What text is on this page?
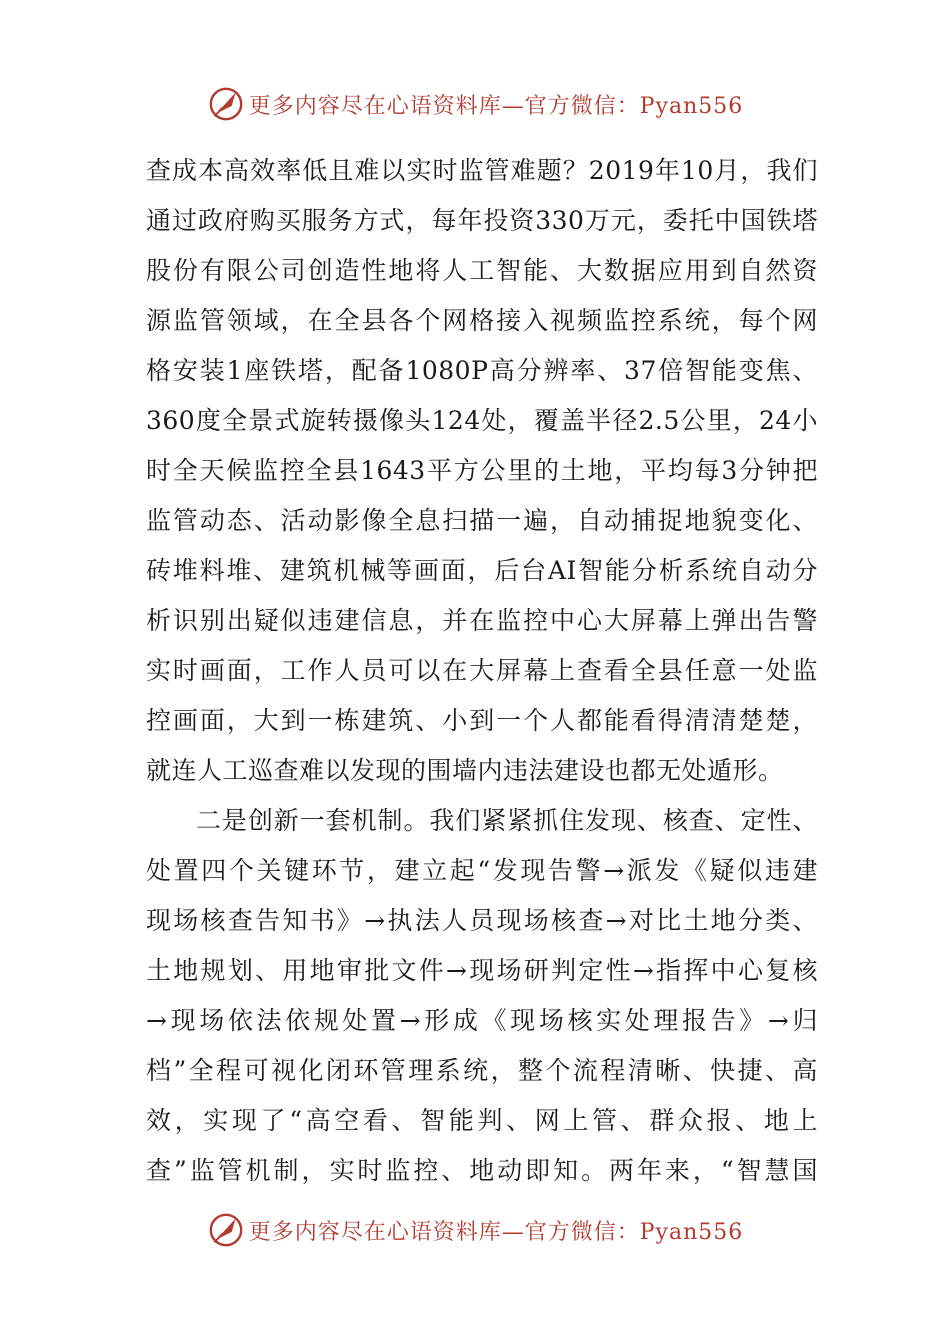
更多内容尽在心语资料库—官方微信：Pyan556
查成本高效率低且难以实时监管难题？2019年10月，我们
通过政府购买服务方式，每年投资330万元，委托中国铁塔
股份有限公司创造性地将人工智能、大数据应用到自然资
源监管领域，在全县各个网格接入视频监控系统，每个网
格安装1座铁塔，配备1080P高分辨率、37倍智能变焦、
360度全景式旋转摄像头124处，覆盖半径2.5公里，24小
时全天候监控全县1643平方公里的土地，平均每3分钟把
监管动态、活动影像全息扫描一遍，自动捕捉地貌变化、
砖堆料堆、建筑机械等画面，后台AI智能分析系统自动分
析识别出疑似违建信息，并在监控中心大屏幕上弹出告警
实时画面，工作人员可以在大屏幕上查看全县任意一处监
控画面，大到一栋建筑、小到一个人都能看得清清楚楚，
就连人工巡查难以发现的围墙内违法建设也都无处遁形。
二是创新一套机制。我们紧紧抓住发现、核查、定性、
处置四个关键环节，建立起“发现告警→派发《疑似违建
现场核查告知书》→执法人员现场核查→对比土地分类、
土地规划、用地审批文件→现场研判定性→指挥中心复核
→现场依法依规处置→形成《现场核实处理报告》→归
档”全程可视化闭环管理系统，整个流程清晰、快捷、高
效，实现了“高空看、智能判、网上管、群众报、地上
查”监管机制，实时监控、地动即知。两年来，“智慧国
更多内容尽在心语资料库—官方微信：Pyan556
